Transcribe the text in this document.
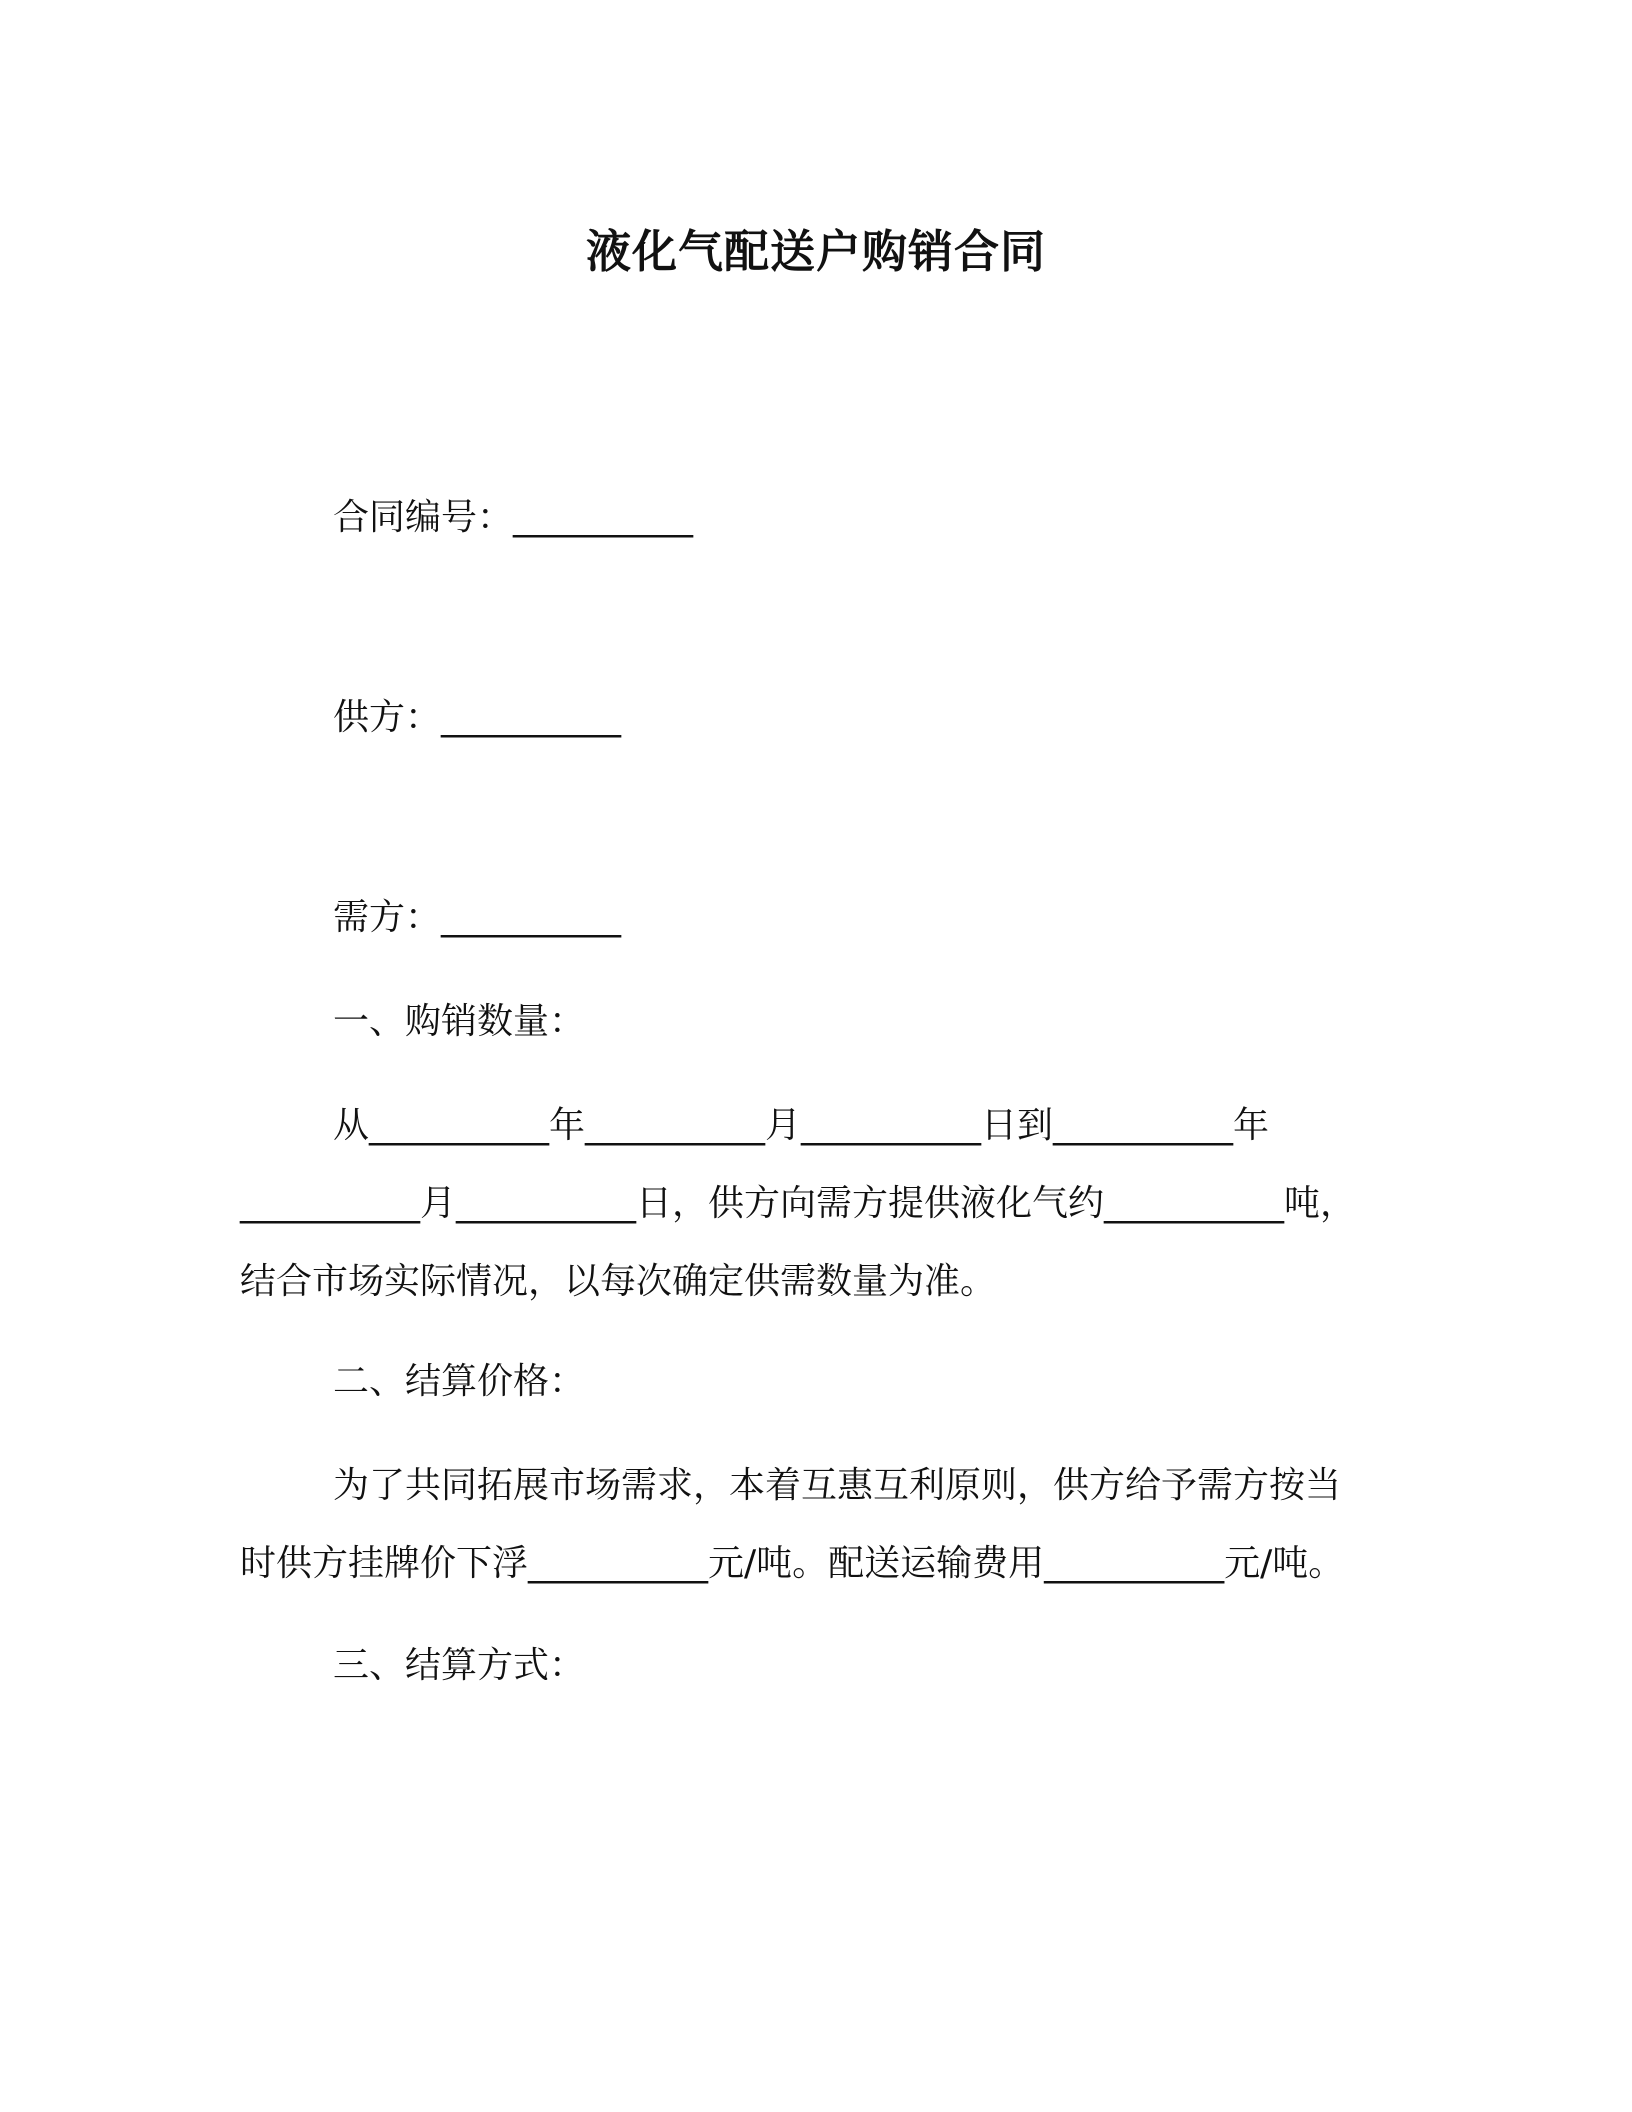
液化气配送户购销合同
合同编号：__________
供方：__________
需方：__________
一、购销数量：
从__________年__________月__________日到__________年
__________月__________日，供方向需方提供液化气约__________吨，
结合市场实际情况，以每次确定供需数量为准。
二、结算价格：
为了共同拓展市场需求，本着互惠互利原则，供方给予需方按当
时供方挂牌价下浮__________元/吨。配送运输费用__________元/吨。
三、结算方式：
